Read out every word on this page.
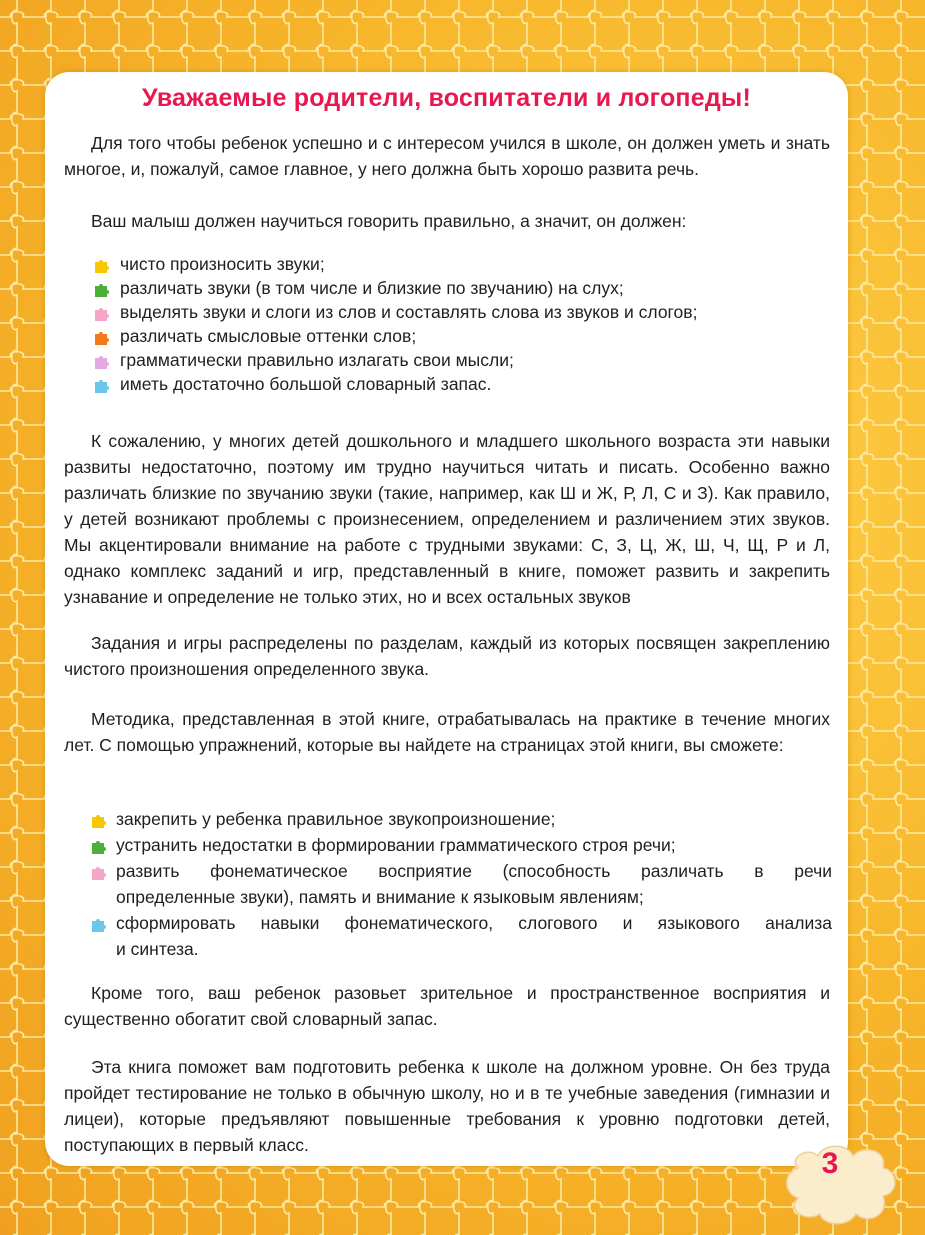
Уважаемые родители, воспитатели и логопеды!

Для того чтобы ребенок успешно и с интересом учился в школе, он должен уметь и знать многое, и, пожалуй, самое главное, у него должна быть хорошо развита речь.

Ваш малыш должен научиться говорить правильно, а значит, он должен:

чисто произносить звуки;
различать звуки (в том числе и близкие по звучанию) на слух;
выделять звуки и слоги из слов и составлять слова из звуков и слогов;
различать смысловые оттенки слов;
грамматически правильно излагать свои мысли;
иметь достаточно большой словарный запас.

К сожалению, у многих детей дошкольного и младшего школьного возраста эти навыки развиты недостаточно, поэтому им трудно научиться читать и писать. Особенно важно различать близкие по звучанию звуки (такие, например, как Ш и Ж, Р, Л, С и З). Как правило, у детей возникают проблемы с произнесением, определением и различением этих звуков. Мы акцентировали внимание на работе с трудными звуками: С, З, Ц, Ж, Ш, Ч, Щ, Р и Л, однако комплекс заданий и игр, представленный в книге, поможет развить и закрепить узнавание и определение не только этих, но и всех остальных звуков

Задания и игры распределены по разделам, каждый из которых посвящен закреплению чистого произношения определенного звука.

Методика, представленная в этой книге, отрабатывалась на практике в течение многих лет. С помощью упражнений, которые вы найдете на страницах этой книги, вы сможете:

закрепить у ребенка правильное звукопроизношение;
устранить недостатки в формировании грамматического строя речи;
развить фонематическое восприятие (способность различать в речи
определенные звуки), память и внимание к языковым явлениям;
сформировать навыки фонематического, слогового и языкового анализа
и синтеза.

Кроме того, ваш ребенок разовьет зрительное и пространственное восприятия и существенно обогатит свой словарный запас.

Эта книга поможет вам подготовить ребенка к школе на должном уровне. Он без труда пройдет тестирование не только в обычную школу, но и в те учебные заведения (гимназии и лицеи), которые предъявляют повышенные требования к уровню подготовки детей, поступающих в первый класс.

3
